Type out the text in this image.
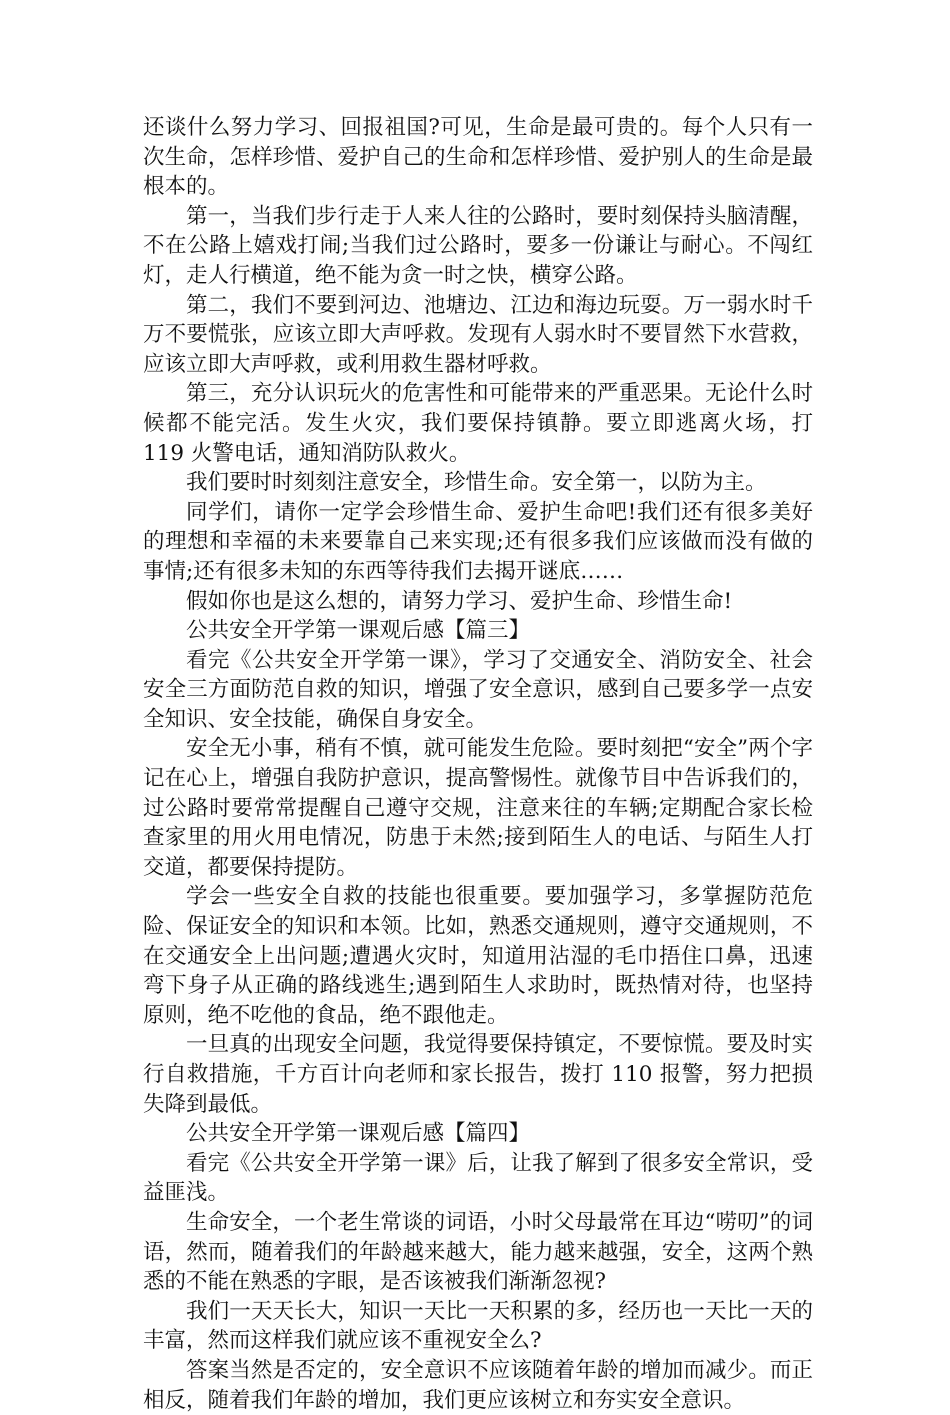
还谈什么努力学习、回报祖国?可见，生命是最可贵的。每个人只有一次生命，怎样珍惜、爱护自己的生命和怎样珍惜、爱护别人的生命是最根本的。

第一，当我们步行走于人来人往的公路时，要时刻保持头脑清醒，不在公路上嬉戏打闹;当我们过公路时，要多一份谦让与耐心。不闯红灯，走人行横道，绝不能为贪一时之快，横穿公路。

第二，我们不要到河边、池塘边、江边和海边玩耍。万一弱水时千万不要慌张，应该立即大声呼救。发现有人弱水时不要冒然下水营救，应该立即大声呼救，或利用救生器材呼救。

第三，充分认识玩火的危害性和可能带来的严重恶果。无论什么时候都不能完活。发生火灾，我们要保持镇静。要立即逃离火场，打 119 火警电话，通知消防队救火。

我们要时时刻刻注意安全，珍惜生命。安全第一，以防为主。

同学们，请你一定学会珍惜生命、爱护生命吧!我们还有很多美好的理想和幸福的未来要靠自己来实现;还有很多我们应该做而没有做的事情;还有很多未知的东西等待我们去揭开谜底……

假如你也是这么想的，请努力学习、爱护生命、珍惜生命!

公共安全开学第一课观后感【篇三】

看完《公共安全开学第一课》，学习了交通安全、消防安全、社会安全三方面防范自救的知识，增强了安全意识，感到自己要多学一点安全知识、安全技能，确保自身安全。

安全无小事，稍有不慎，就可能发生危险。要时刻把“安全”两个字记在心上，增强自我防护意识，提高警惕性。就像节目中告诉我们的，过公路时要常常提醒自己遵守交规，注意来往的车辆;定期配合家长检查家里的用火用电情况，防患于未然;接到陌生人的电话、与陌生人打交道，都要保持提防。

学会一些安全自救的技能也很重要。要加强学习，多掌握防范危险、保证安全的知识和本领。比如，熟悉交通规则，遵守交通规则，不在交通安全上出问题;遭遇火灾时，知道用沾湿的毛巾捂住口鼻，迅速弯下身子从正确的路线逃生;遇到陌生人求助时，既热情对待，也坚持原则，绝不吃他的食品，绝不跟他走。

一旦真的出现安全问题，我觉得要保持镇定，不要惊慌。要及时实行自救措施，千方百计向老师和家长报告，拨打 110 报警，努力把损失降到最低。

公共安全开学第一课观后感【篇四】

看完《公共安全开学第一课》后，让我了解到了很多安全常识，受益匪浅。

生命安全，一个老生常谈的词语，小时父母最常在耳边“唠叨”的词语，然而，随着我们的年龄越来越大，能力越来越强，安全，这两个熟悉的不能在熟悉的字眼，是否该被我们渐渐忽视?

我们一天天长大，知识一天比一天积累的多，经历也一天比一天的丰富，然而这样我们就应该不重视安全么?

答案当然是否定的，安全意识不应该随着年龄的增加而减少。而正相反，随着我们年龄的增加，我们更应该树立和夯实安全意识。
